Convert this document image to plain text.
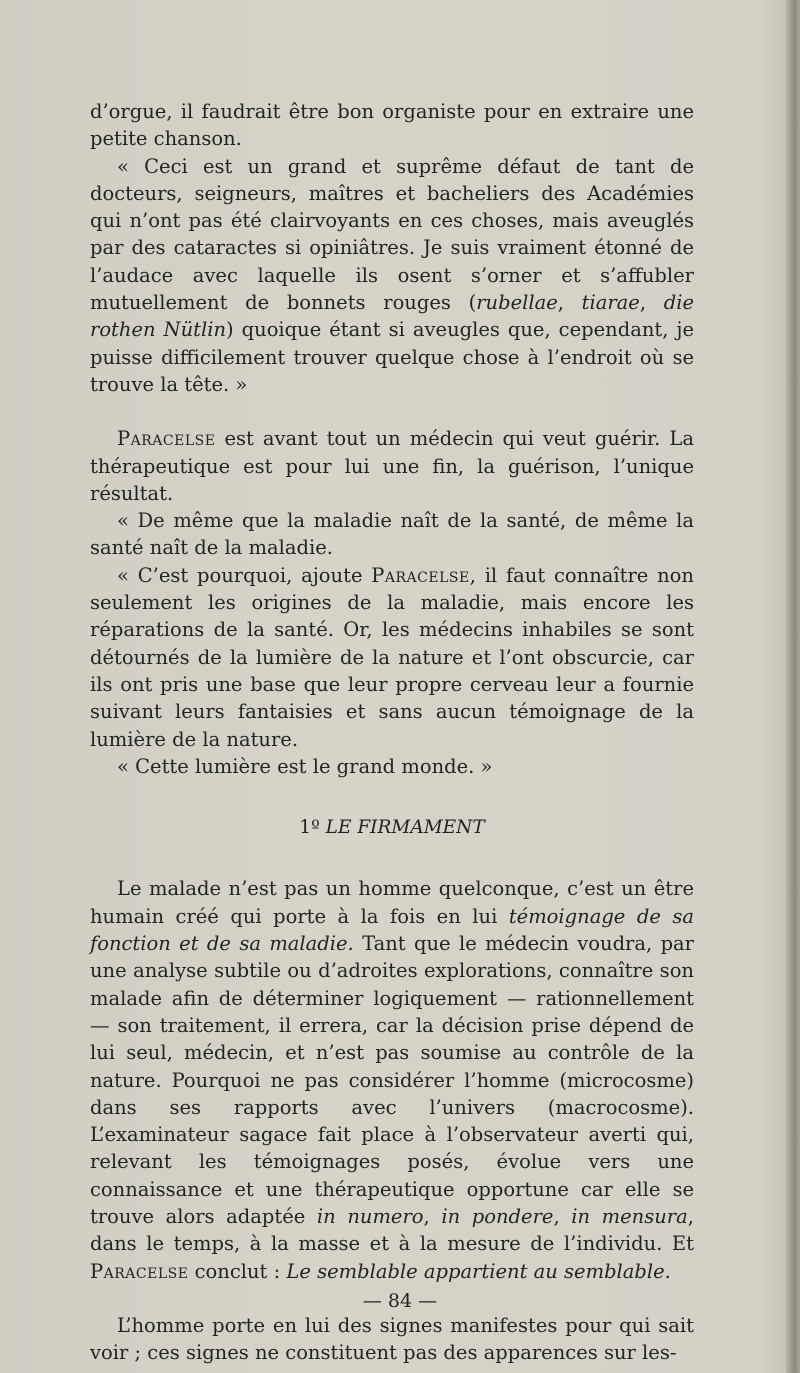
d’orgue, il faudrait être bon organiste pour en extraire une petite chanson.

« Ceci est un grand et suprême défaut de tant de docteurs, seigneurs, maîtres et bacheliers des Académies qui n’ont pas été clairvoyants en ces choses, mais aveuglés par des cataractes si opiniâtres. Je suis vraiment étonné de l’audace avec laquelle ils osent s’orner et s’affubler mutuellement de bonnets rouges (rubellae, tiarae, die rothen Nütlin) quoique étant si aveugles que, cependant, je puisse difficilement trouver quelque chose à l’endroit où se trouve la tête. »

Paracelse est avant tout un médecin qui veut guérir. La thérapeutique est pour lui une fin, la guérison, l’unique résultat.

« De même que la maladie naît de la santé, de même la santé naît de la maladie.

« C’est pourquoi, ajoute Paracelse, il faut connaître non seulement les origines de la maladie, mais encore les réparations de la santé. Or, les médecins inhabiles se sont détournés de la lumière de la nature et l’ont obscurcie, car ils ont pris une base que leur propre cerveau leur a fournie suivant leurs fantaisies et sans aucun témoignage de la lumière de la nature.

« Cette lumière est le grand monde. »

1º LE FIRMAMENT

Le malade n’est pas un homme quelconque, c’est un être humain créé qui porte à la fois en lui témoignage de sa fonction et de sa maladie. Tant que le médecin voudra, par une analyse subtile ou d’adroites explorations, connaître son malade afin de déterminer logiquement — rationnellement — son traitement, il errera, car la décision prise dépend de lui seul, médecin, et n’est pas soumise au contrôle de la nature. Pourquoi ne pas considérer l’homme (microcosme) dans ses rapports avec l’univers (macrocosme). L’examinateur sagace fait place à l’observateur averti qui, relevant les témoignages posés, évolue vers une connaissance et une thérapeutique opportune car elle se trouve alors adaptée in numero, in pondere, in mensura, dans le temps, à la masse et à la mesure de l’individu. Et Paracelse conclut : Le semblable appartient au semblable.

L’homme porte en lui des signes manifestes pour qui sait voir ; ces signes ne constituent pas des apparences sur les-

— 84 —
